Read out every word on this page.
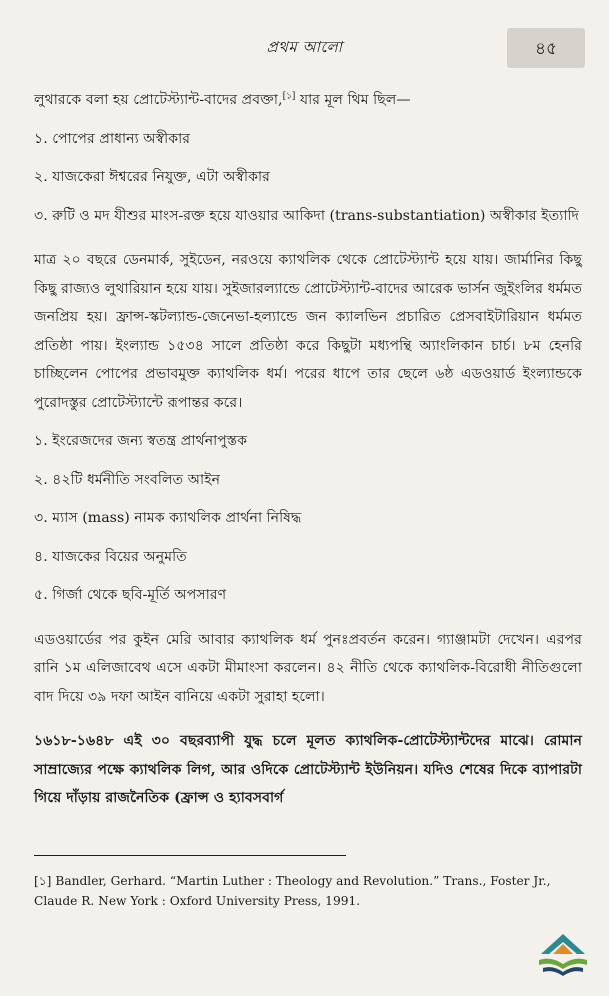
প্রথম আলো	৪৫

লুথারকে বলা হয় প্রোটেস্ট্যান্ট-বাদের প্রবক্তা,[১] যার মূল থিম ছিল—

১. পোপের প্রাধান্য অস্বীকার

২. যাজকেরা ঈশ্বরের নিযুক্ত, এটা অস্বীকার

৩. রুটি ও মদ যীশুর মাংস-রক্ত হয়ে যাওয়ার আকিদা (trans-substantiation) অস্বীকার ইত্যাদি

মাত্র ২০ বছরে ডেনমার্ক, সুইডেন, নরওয়ে ক্যাথলিক থেকে প্রোটেস্ট্যান্ট হয়ে যায়। জার্মানির কিছু কিছু রাজ্যও লুথারিয়ান হয়ে যায়। সুইজারল্যান্ডে প্রোটেস্ট্যান্ট-বাদের আরেক ভার্সন জুইংলির ধর্মমত জনপ্রিয় হয়। ফ্রান্স-স্কটল্যান্ড-জেনেভা-হল্যান্ডে জন ক্যালভিন প্রচারিত প্রেসবাইটারিয়ান ধর্মমত প্রতিষ্ঠা পায়। ইংল্যান্ড ১৫৩৪ সালে প্রতিষ্ঠা করে কিছুটা মধ্যপন্থি অ্যাংলিকান চার্চ। ৮ম হেনরি চাচ্ছিলেন পোপের প্রভাবমুক্ত ক্যাথলিক ধর্ম। পরের ধাপে তার ছেলে ৬ষ্ঠ এডওয়ার্ড ইংল্যান্ডকে পুরোদস্তুর প্রোটেস্ট্যান্টে রূপান্তর করে।

১. ইংরেজদের জন্য স্বতন্ত্র প্রার্থনাপুস্তক

২. ৪২টি ধর্মনীতি সংবলিত আইন

৩. ম্যাস (mass) নামক ক্যাথলিক প্রার্থনা নিষিদ্ধ

৪. যাজকের বিয়ের অনুমতি

৫. গির্জা থেকে ছবি-মূর্তি অপসারণ

এডওয়ার্ডের পর কুইন মেরি আবার ক্যাথলিক ধর্ম পুনঃপ্রবর্তন করেন। গ্যাঞ্জামটা দেখেন। এরপর রানি ১ম এলিজাবেথ এসে একটা মীমাংসা করলেন। ৪২ নীতি থেকে ক্যাথলিক-বিরোধী নীতিগুলো বাদ দিয়ে ৩৯ দফা আইন বানিয়ে একটা সুরাহা হলো।

১৬১৮-১৬৪৮ এই ৩০ বছরব্যাপী যুদ্ধ চলে মূলত ক্যাথলিক-প্রোটেস্ট্যান্টদের মাঝে। রোমান সাম্রাজ্যের পক্ষে ক্যাথলিক লিগ, আর ওদিকে প্রোটেস্ট্যান্ট ইউনিয়ন। যদিও শেষের দিকে ব্যাপারটা গিয়ে দাঁড়ায় রাজনৈতিক (ফ্রান্স ও হ্যাবসবার্গ

[১] Bandler, Gerhard. “Martin Luther : Theology and Revolution.” Trans., Foster Jr., Claude R. New York : Oxford University Press, 1991.
